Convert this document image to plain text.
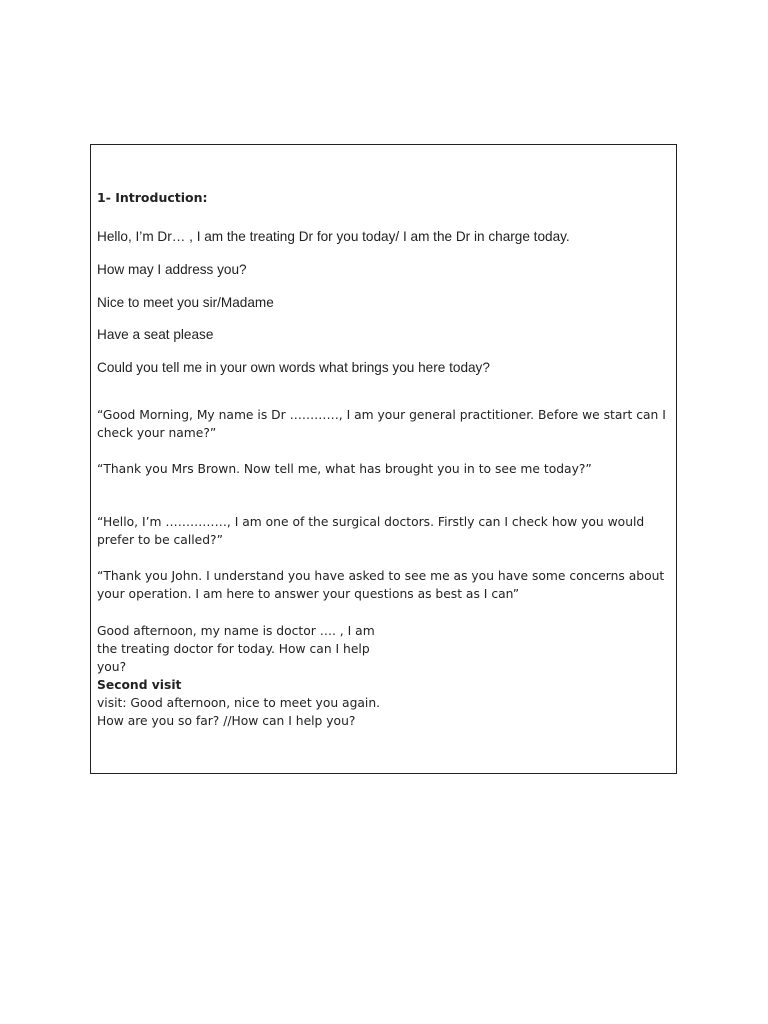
1- Introduction:

Hello, I’m Dr… , I am the treating Dr for you today/ I am the Dr in charge today.

How may I address you?

Nice to meet you sir/Madame

Have a seat please

Could you tell me in your own words what brings you here today?

“Good Morning, My name is Dr …………, I am your general practitioner. Before we start can I check your name?”

“Thank you Mrs Brown. Now tell me, what has brought you in to see me today?”

“Hello, I’m ……………, I am one of the surgical doctors. Firstly can I check how you would prefer to be called?”

“Thank you John. I understand you have asked to see me as you have some concerns about your operation. I am here to answer your questions as best as I can”

Good afternoon, my name is doctor …. , I am the treating doctor for today. How can I help you?
Second visit
visit: Good afternoon, nice to meet you again. How are you so far? //How can I help you?
